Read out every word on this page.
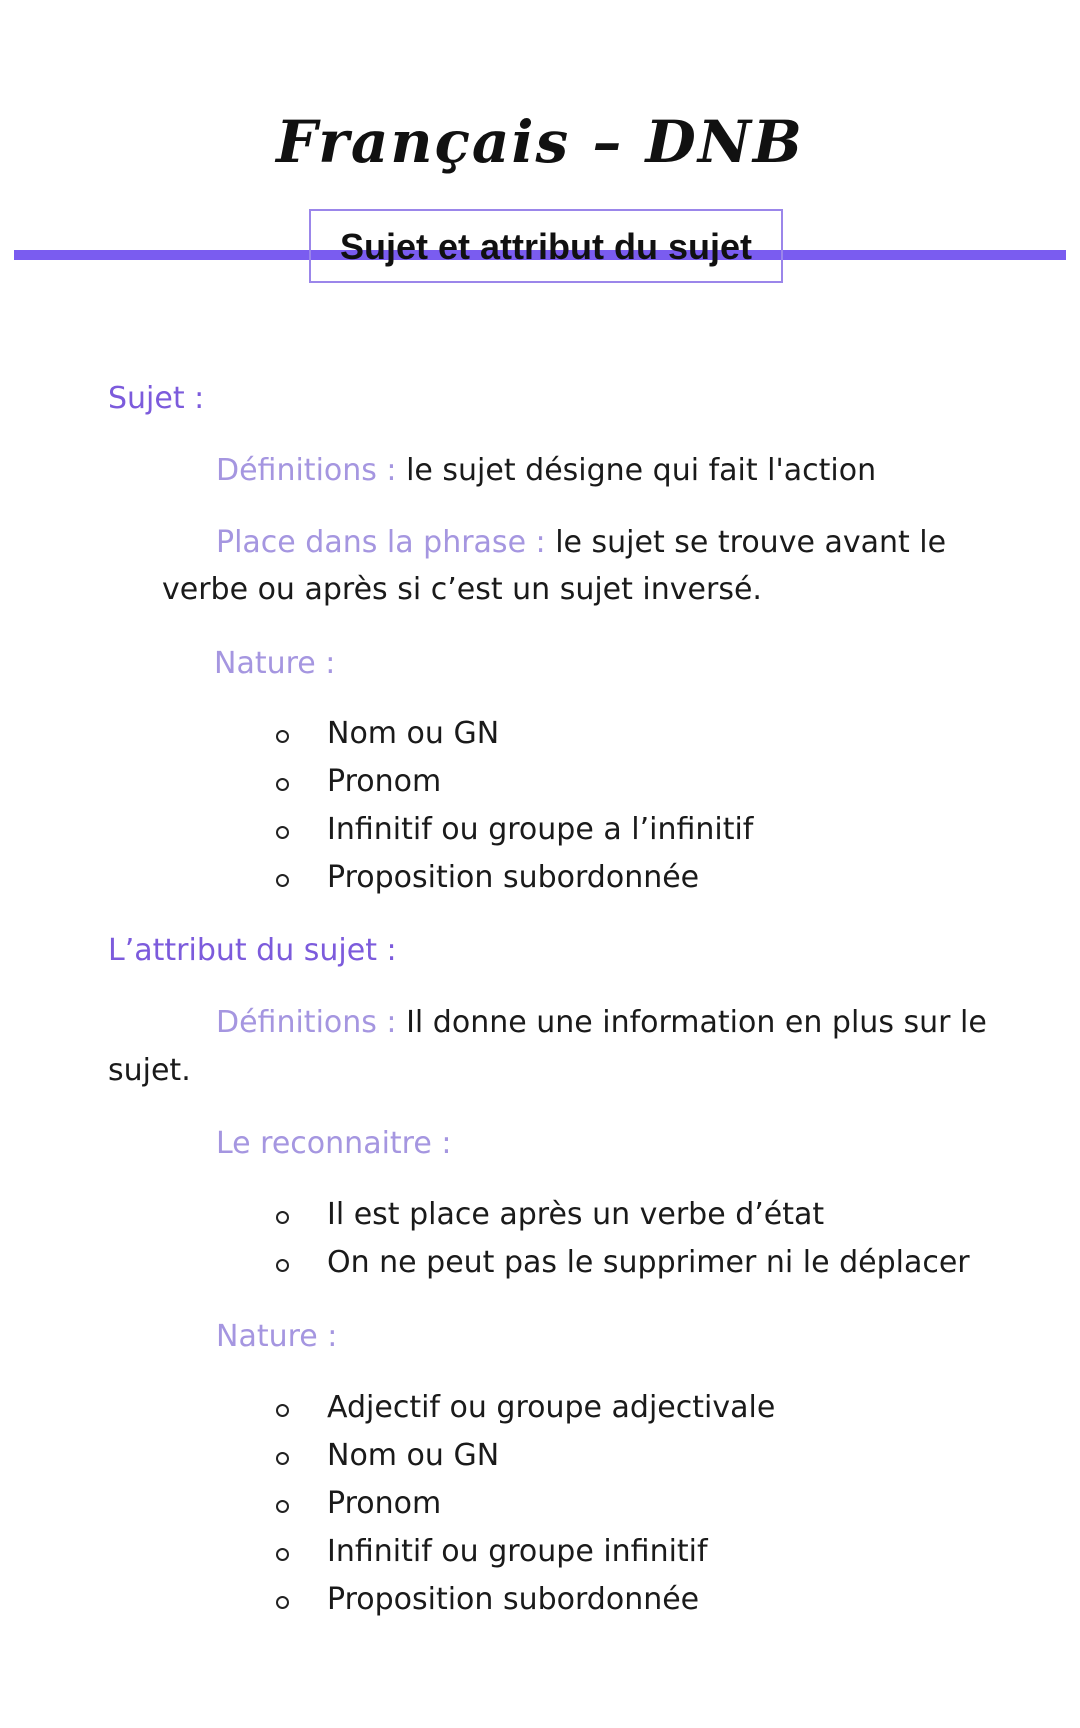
Français – DNB
Sujet et attribut du sujet
Sujet :
Définitions : le sujet désigne qui fait l'action
Place dans la phrase : le sujet se trouve avant le
verbe ou après si c’est un sujet inversé.
Nature :
Nom ou GN
Pronom
Infinitif ou groupe a l’infinitif
Proposition subordonnée
L’attribut du sujet :
Définitions : Il donne une information en plus sur le
sujet.
Le reconnaitre :
Il est place après un verbe d’état
On ne peut pas le supprimer ni le déplacer
Nature :
Adjectif ou groupe adjectivale
Nom ou GN
Pronom
Infinitif ou groupe infinitif
Proposition subordonnée
